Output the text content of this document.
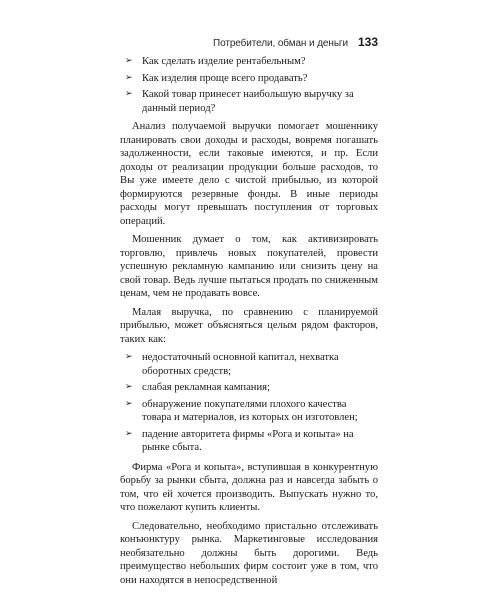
Потребители, обман и деньги 133
➢ Как сделать изделие рентабельным?
➢ Как изделия проще всего продавать?
➢ Какой товар принесет наибольшую выручку за данный период?

Анализ получаемой выручки помогает мошеннику планировать свои доходы и расходы, вовремя погашать задолженности, если таковые имеются, и пр. Если доходы от реализации продукции больше расходов, то Вы уже имеете дело с чистой прибылью, из которой формируются резервные фонды. В иные периоды расходы могут превышать поступления от торговых операций.

Мошенник думает о том, как активизировать торговлю, привлечь новых покупателей, провести успешную рекламную кампанию или снизить цену на свой товар. Ведь лучше пытаться продать по сниженным ценам, чем не продавать вовсе.

Малая выручка, по сравнению с планируемой прибылью, может объясняться целым рядом факторов, таких как:

➢ недостаточный основной капитал, нехватка оборотных средств;
➢ слабая рекламная кампания;
➢ обнаружение покупателями плохого качества товара и материалов, из которых он изготовлен;
➢ падение авторитета фирмы «Рога и копыта» на рынке сбыта.

Фирма «Рога и копыта», вступившая в конкурентную борьбу за рынки сбыта, должна раз и навсегда забыть о том, что ей хочется производить. Выпускать нужно то, что пожелают купить клиенты.

Следовательно, необходимо пристально отслеживать конъюнктуру рынка. Маркетинговые исследования необязательно должны быть дорогими. Ведь преимущество небольших фирм состоит уже в том, что они находятся в непосредственной
